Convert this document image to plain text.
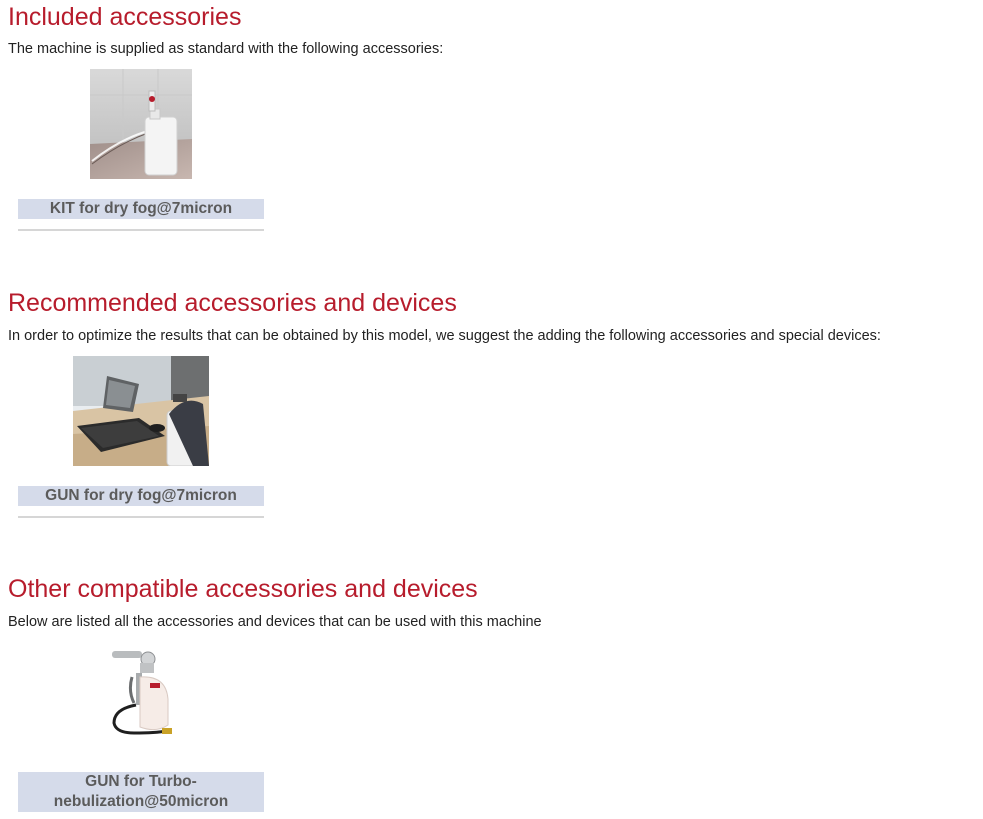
Included accessories

The machine is supplied as standard with the following accessories:

KIT for dry fog@7micron
Recommended accessories and devices

In order to optimize the results that can be obtained by this model, we suggest the adding the following accessories and special devices:

GUN for dry fog@7micron
Other compatible accessories and devices

Below are listed all the accessories and devices that can be used with this machine

GUN for Turbo-nebulization@50micron
